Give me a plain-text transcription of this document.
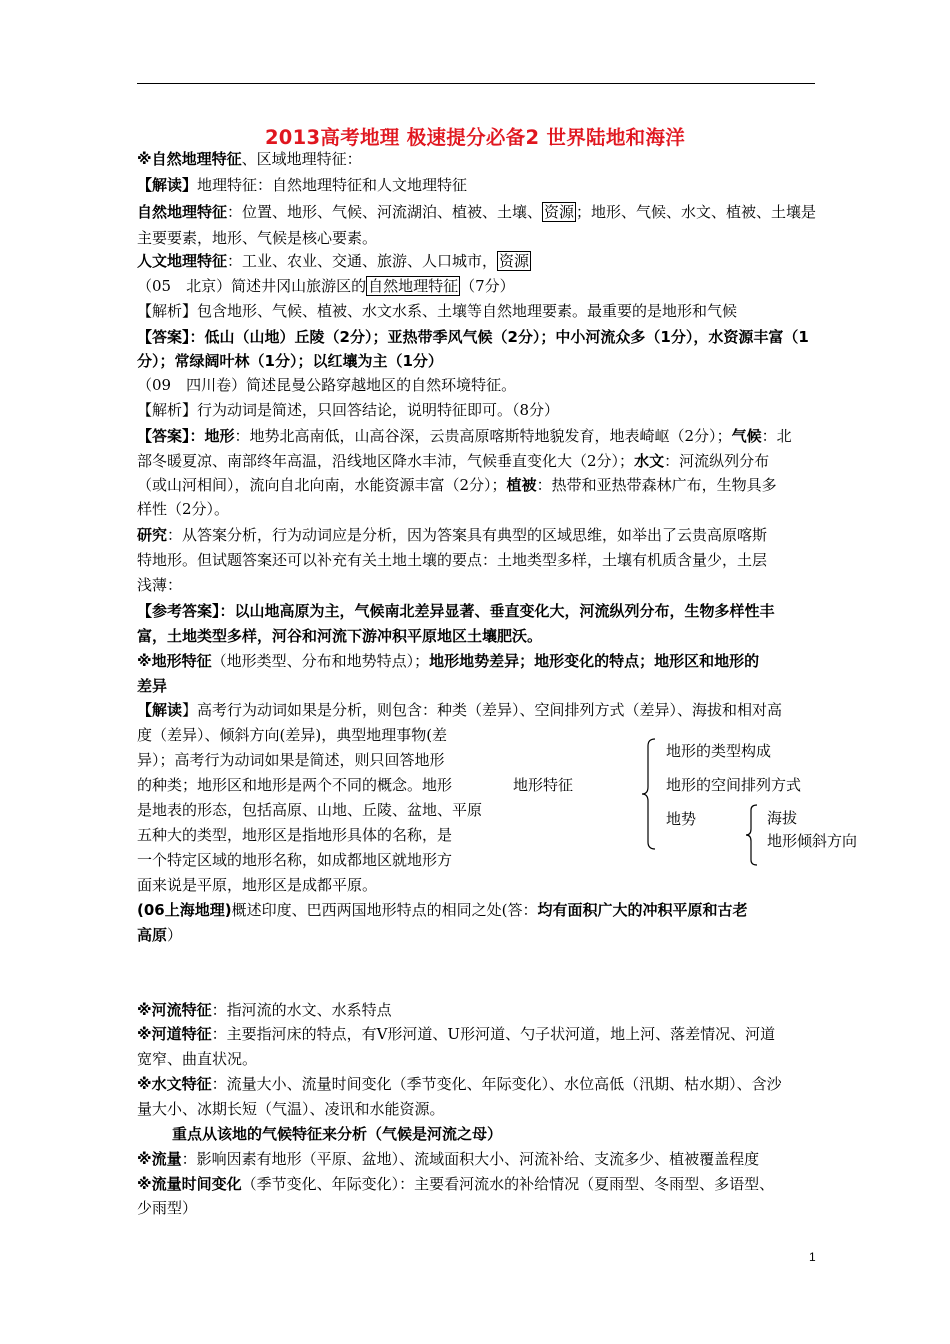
2013高考地理 极速提分必备2 世界陆地和海洋
※自然地理特征、区域地理特征：
【解读】地理特征：自然地理特征和人文地理特征
自然地理特征：位置、地形、气候、河流湖泊、植被、土壤、 资源 ；地形、气候、水文、植被、土壤是
主要要素，地形、气候是核心要素。
人文地理特征：工业、农业、交通、旅游、人口城市， 资源
（05　北京）简述井冈山旅游区的 自然地理特征 （7分）
【解析】包含地形、气候、植被、水文水系、土壤等自然地理要素。最重要的是地形和气候
【答案】：低山（山地）丘陵（2分）；亚热带季风气候（2分）；中小河流众多（1分），水资源丰富（1
分）；常绿阔叶林（1分）；以红壤为主（1分）
（09　四川卷）简述昆曼公路穿越地区的自然环境特征。
【解析】行为动词是简述，只回答结论，说明特征即可。（8分）
【答案】：地形：地势北高南低，山高谷深，云贵高原喀斯特地貌发育，地表崎岖（2分）；气候：北
部冬暖夏凉、南部终年高温，沿线地区降水丰沛，气候垂直变化大（2分）；水文：河流纵列分布
（或山河相间），流向自北向南，水能资源丰富（2分）；植被：热带和亚热带森林广布，生物具多
样性（2分）。
研究：从答案分析，行为动词应是分析，因为答案具有典型的区域思维，如举出了云贵高原喀斯
特地形。但试题答案还可以补充有关土地土壤的要点：土地类型多样，土壤有机质含量少，土层
浅薄：
【参考答案】：以山地高原为主，气候南北差异显著、垂直变化大，河流纵列分布，生物多样性丰
富，土地类型多样，河谷和河流下游冲积平原地区土壤肥沃。
※地形特征（地形类型、分布和地势特点）；地形地势差异；地形变化的特点；地形区和地形的
差异
【解读】高考行为动词如果是分析，则包含：种类（差异）、空间排列方式（差异）、海拔和相对高
度（差异）、倾斜方向(差异)，典型地理事物(差
异）；高考行为动词如果是简述，则只回答地形
的种类；地形区和地形是两个不同的概念。地形
是地表的形态，包括高原、山地、丘陵、盆地、平原
五种大的类型，地形区是指地形具体的名称，是
一个特定区域的地形名称，如成都地区就地形方
面来说是平原，地形区是成都平原。
地形特征
地形的类型构成
地形的空间排列方式
地势	海拔
地形倾斜方向
(06上海地理)概述印度、巴西两国地形特点的相同之处(答：均有面积广大的冲积平原和古老
高原）
※河流特征：指河流的水文、水系特点
※河道特征：主要指河床的特点，有V形河道、U形河道、勺子状河道，地上河、落差情况、河道
宽窄、曲直状况。
※水文特征：流量大小、流量时间变化（季节变化、年际变化）、水位高低（汛期、枯水期）、含沙
量大小、冰期长短（气温）、凌讯和水能资源。
重点从该地的气候特征来分析（气候是河流之母）
※流量：影响因素有地形（平原、盆地）、流域面积大小、河流补给、支流多少、植被覆盖程度
※流量时间变化（季节变化、年际变化）：主要看河流水的补给情况（夏雨型、冬雨型、多语型、
少雨型）
1
